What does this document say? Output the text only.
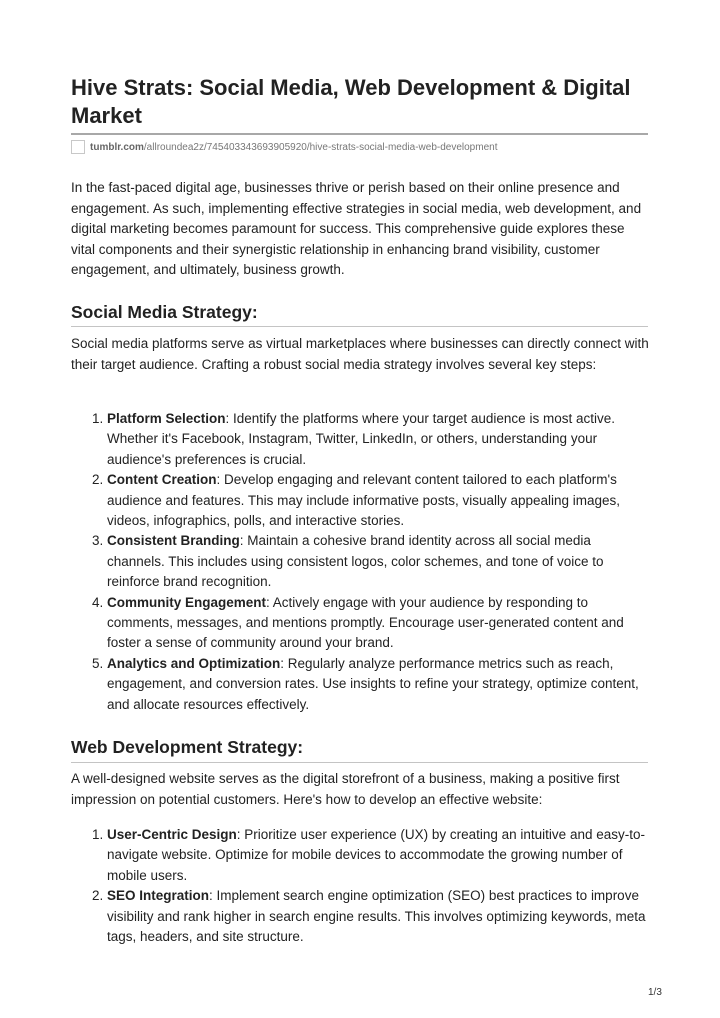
Hive Strats: Social Media, Web Development & Digital Market
tumblr.com /allroundea2z/745403343693905920/hive-strats-social-media-web-development

In the fast-paced digital age, businesses thrive or perish based on their online presence and engagement. As such, implementing effective strategies in social media, web development, and digital marketing becomes paramount for success. This comprehensive guide explores these vital components and their synergistic relationship in enhancing brand visibility, customer engagement, and ultimately, business growth.

Social Media Strategy:

Social media platforms serve as virtual marketplaces where businesses can directly connect with their target audience. Crafting a robust social media strategy involves several key steps:

1. Platform Selection: Identify the platforms where your target audience is most active. Whether it's Facebook, Instagram, Twitter, LinkedIn, or others, understanding your audience's preferences is crucial.
2. Content Creation: Develop engaging and relevant content tailored to each platform's audience and features. This may include informative posts, visually appealing images, videos, infographics, polls, and interactive stories.
3. Consistent Branding: Maintain a cohesive brand identity across all social media channels. This includes using consistent logos, color schemes, and tone of voice to reinforce brand recognition.
4. Community Engagement: Actively engage with your audience by responding to comments, messages, and mentions promptly. Encourage user-generated content and foster a sense of community around your brand.
5. Analytics and Optimization: Regularly analyze performance metrics such as reach, engagement, and conversion rates. Use insights to refine your strategy, optimize content, and allocate resources effectively.
Web Development Strategy:

A well-designed website serves as the digital storefront of a business, making a positive first impression on potential customers. Here's how to develop an effective website:

1. User-Centric Design: Prioritize user experience (UX) by creating an intuitive and easy-to-navigate website. Optimize for mobile devices to accommodate the growing number of mobile users.
2. SEO Integration: Implement search engine optimization (SEO) best practices to improve visibility and rank higher in search engine results. This involves optimizing keywords, meta tags, headers, and site structure.
1/3
